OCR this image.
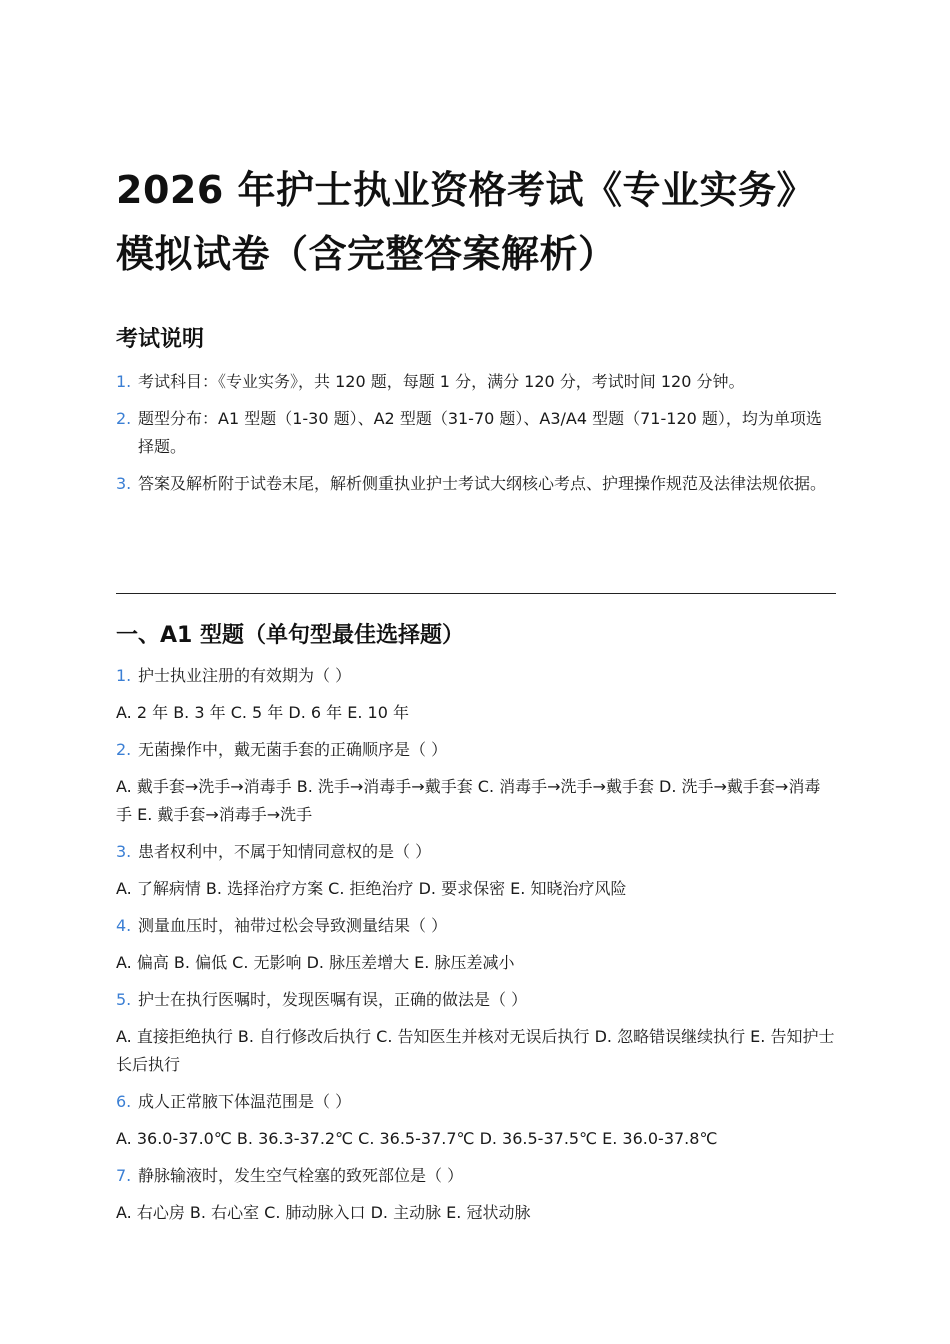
2026 年护士执业资格考试《专业实务》模拟试卷（含完整答案解析）
考试说明
1. 考试科目：《专业实务》，共 120 题，每题 1 分，满分 120 分，考试时间 120 分钟。
2. 题型分布：A1 型题（1-30 题）、A2 型题（31-70 题）、A3/A4 型题（71-120 题），均为单项选择题。
3. 答案及解析附于试卷末尾，解析侧重执业护士考试大纲核心考点、护理操作规范及法律法规依据。
一、A1 型题（单句型最佳选择题）
1. 护士执业注册的有效期为（ ）
A. 2 年 B. 3 年 C. 5 年 D. 6 年 E. 10 年
2. 无菌操作中，戴无菌手套的正确顺序是（ ）
A. 戴手套→洗手→消毒手 B. 洗手→消毒手→戴手套 C. 消毒手→洗手→戴手套 D. 洗手→戴手套→消毒手 E. 戴手套→消毒手→洗手
3. 患者权利中，不属于知情同意权的是（ ）
A. 了解病情 B. 选择治疗方案 C. 拒绝治疗 D. 要求保密 E. 知晓治疗风险
4. 测量血压时，袖带过松会导致测量结果（ ）
A. 偏高 B. 偏低 C. 无影响 D. 脉压差增大 E. 脉压差减小
5. 护士在执行医嘱时，发现医嘱有误，正确的做法是（ ）
A. 直接拒绝执行 B. 自行修改后执行 C. 告知医生并核对无误后执行 D. 忽略错误继续执行 E. 告知护士长后执行
6. 成人正常腋下体温范围是（ ）
A. 36.0-37.0℃ B. 36.3-37.2℃ C. 36.5-37.7℃ D. 36.5-37.5℃ E. 36.0-37.8℃
7. 静脉输液时，发生空气栓塞的致死部位是（ ）
A. 右心房 B. 右心室 C. 肺动脉入口 D. 主动脉 E. 冠状动脉
